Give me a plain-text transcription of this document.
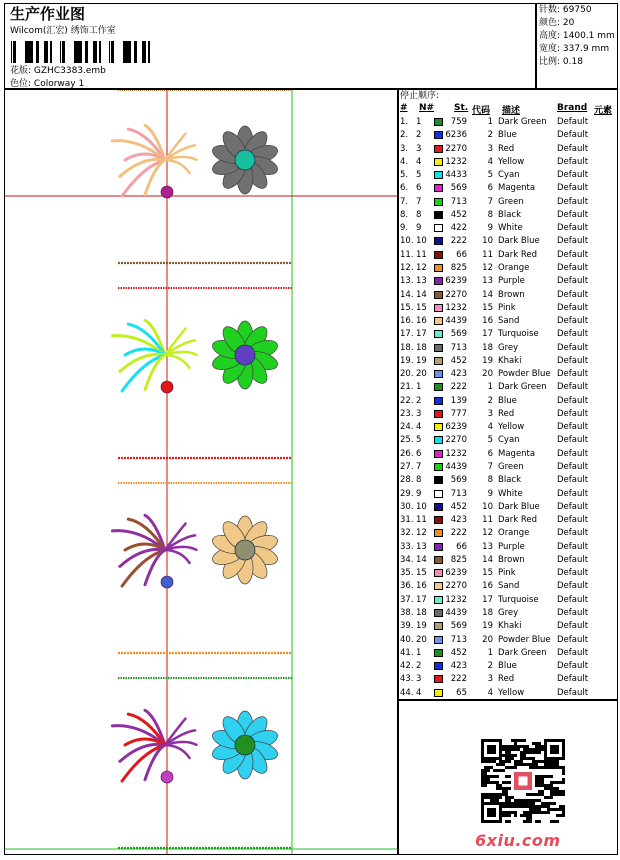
生产作业图
Wilcom(汇宏) 绣饰工作室
花版: GZHC3383.emb
色位: Colorway 1
针数: 69750
颜色: 20
高度: 1400.1 mm
宽度: 337.9 mm
比例: 0.18
停止顺序:
# N# St. 代码 描述	Brand 元素
1. 1	759	1 Dark Green Default
2. 2	6236	2 Blue	Default
3. 3	2270	3 Red	Default
4. 4	1232	4 Yellow	Default
5. 5	4433	5 Cyan	Default
6. 6	569	6 Magenta	Default
7. 7	713	7 Green	Default
8. 8	452	8 Black	Default
9. 9	422	9 White	Default
10. 10	222	10 Dark Blue Default
11. 11	66	11 Dark Red Default
12. 12	825	12 Orange	Default
13. 13 6239	13 Purple	Default
14. 14 2270	14 Brown	Default
15. 15 1232	15 Pink	Default
16. 16 4439	16 Sand	Default
17. 17	569	17 Turquoise Default
18. 18	713	18 Grey	Default
19. 19	452	19 Khaki	Default
20. 20	423	20 Powder Blue Default
21. 1	222	1 Dark Green Default
22. 2	139	2 Blue	Default
23. 3	777	3 Red	Default
24. 4	6239	4 Yellow	Default
25. 5	2270	5 Cyan	Default
26. 6	1232	6 Magenta	Default
27. 7	4439	7 Green	Default
28. 8	569	8 Black	Default
29. 9	713	9 White	Default
30. 10	452	10 Dark Blue Default
31. 11	423	11 Dark Red Default
32. 12	222	12 Orange	Default
33. 13	66	13 Purple	Default
34. 14	825	14 Brown	Default
35. 15 6239	15 Pink	Default
36. 16 2270	16 Sand	Default
37. 17 1232	17 Turquoise Default
38. 18 4439	18 Grey	Default
39. 19	569	19 Khaki	Default
40. 20	713	20 Powder Blue Default
41. 1	452	1 Dark Green Default
42. 2	423	2 Blue	Default
43. 3	222	3 Red	Default
44. 4	65	4 Yellow	Default
6xiu.com
